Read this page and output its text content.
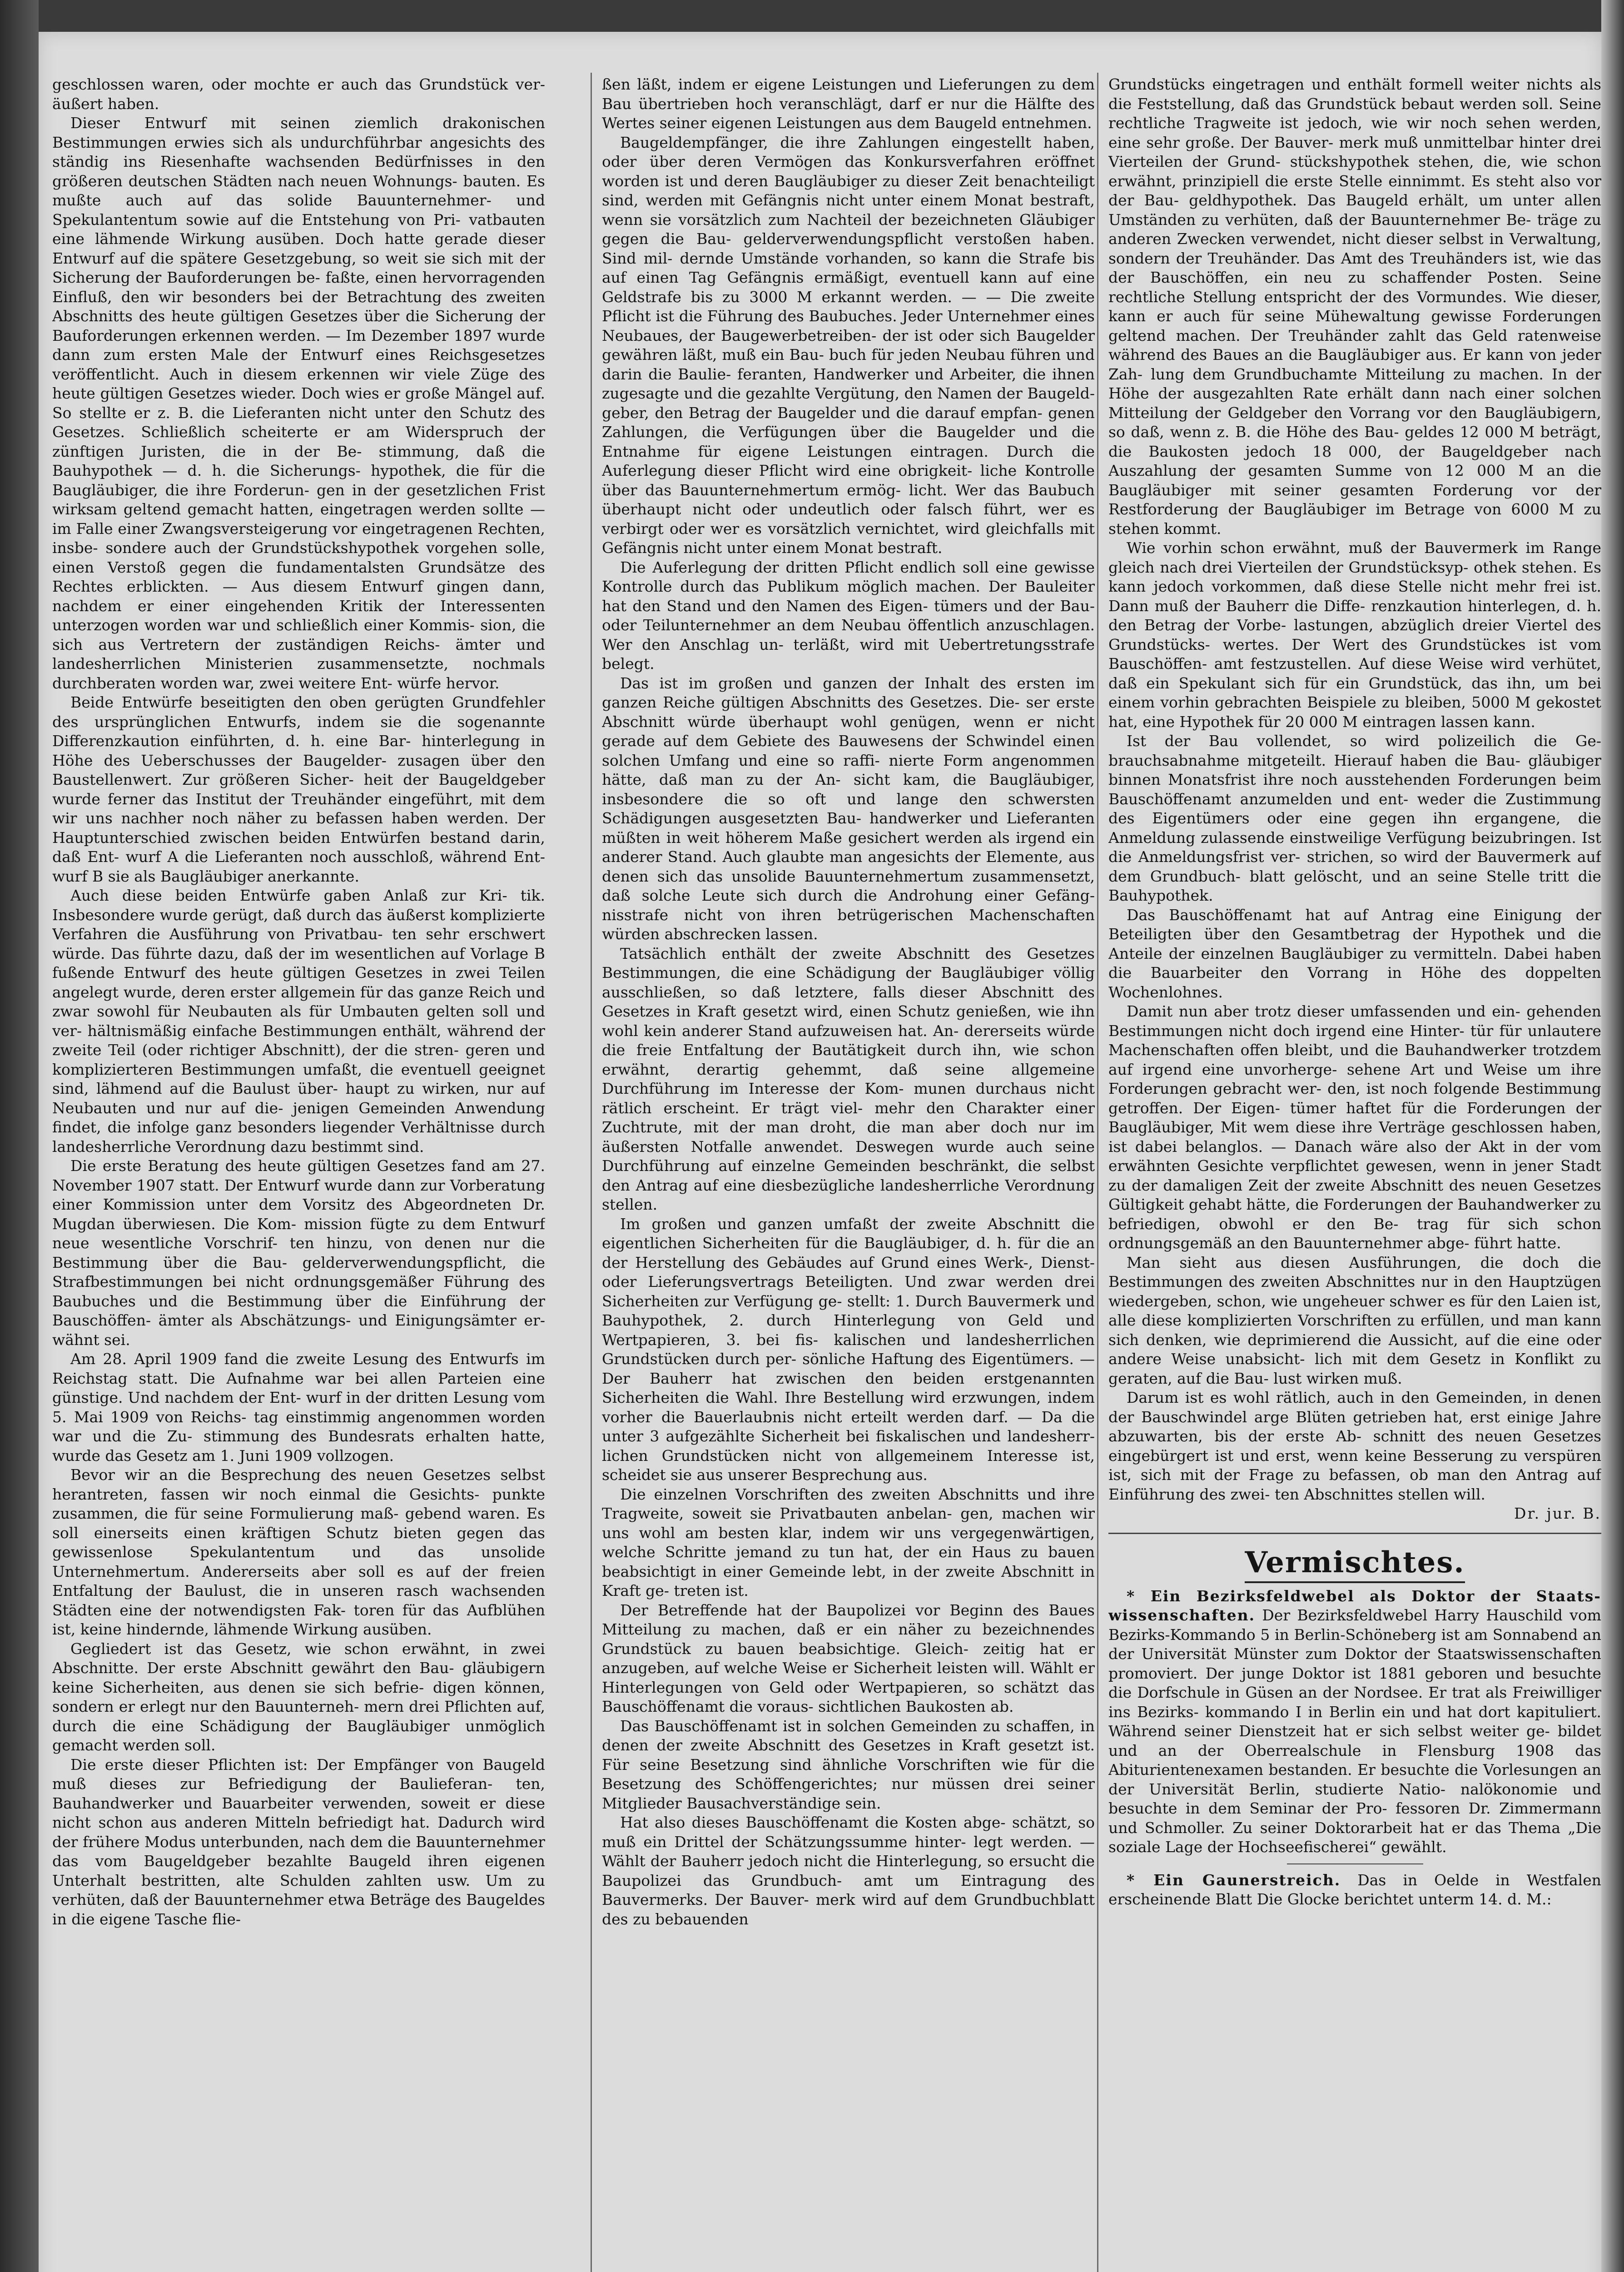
geschlossen waren, oder mochte er auch das Grundstück ver- äußert haben.

Dieser Entwurf mit seinen ziemlich drakonischen Bestimmungen erwies sich als undurchführbar angesichts des ständig ins Riesenhafte wachsenden Bedürfnisses in den größeren deutschen Städten nach neuen Wohnungs- bauten. Es mußte auch auf das solide Bauunternehmer- und Spekulantentum sowie auf die Entstehung von Pri- vatbauten eine lähmende Wirkung ausüben. Doch hatte gerade dieser Entwurf auf die spätere Gesetzgebung, so weit sie sich mit der Sicherung der Bauforderungen be- faßte, einen hervorragenden Einfluß, den wir besonders bei der Betrachtung des zweiten Abschnitts des heute gültigen Gesetzes über die Sicherung der Bauforderungen erkennen werden. — Im Dezember 1897 wurde dann zum ersten Male der Entwurf eines Reichsgesetzes veröffentlicht. Auch in diesem erkennen wir viele Züge des heute gültigen Gesetzes wieder. Doch wies er große Mängel auf. So stellte er z. B. die Lieferanten nicht unter den Schutz des Gesetzes. Schließlich scheiterte er am Widerspruch der zünftigen Juristen, die in der Be- stimmung, daß die Bauhypothek — d. h. die Sicherungs- hypothek, die für die Baugläubiger, die ihre Forderun- gen in der gesetzlichen Frist wirksam geltend gemacht hatten, eingetragen werden sollte — im Falle einer Zwangsversteigerung vor eingetragenen Rechten, insbe- sondere auch der Grundstückshypothek vorgehen solle, einen Verstoß gegen die fundamentalsten Grundsätze des Rechtes erblickten. — Aus diesem Entwurf gingen dann, nachdem er einer eingehenden Kritik der Interessenten unterzogen worden war und schließlich einer Kommis- sion, die sich aus Vertretern der zuständigen Reichs- ämter und landesherrlichen Ministerien zusammensetzte, nochmals durchberaten worden war, zwei weitere Ent- würfe hervor.

Beide Entwürfe beseitigten den oben gerügten Grundfehler des ursprünglichen Entwurfs, indem sie die sogenannte Differenzkaution einführten, d. h. eine Bar- hinterlegung in Höhe des Ueberschusses der Baugelder- zusagen über den Baustellenwert. Zur größeren Sicher- heit der Baugeldgeber wurde ferner das Institut der Treuhänder eingeführt, mit dem wir uns nachher noch näher zu befassen haben werden. Der Hauptunterschied zwischen beiden Entwürfen bestand darin, daß Ent- wurf A die Lieferanten noch ausschloß, während Ent- wurf B sie als Baugläubiger anerkannte.

Auch diese beiden Entwürfe gaben Anlaß zur Kri- tik. Insbesondere wurde gerügt, daß durch das äußerst komplizierte Verfahren die Ausführung von Privatbau- ten sehr erschwert würde. Das führte dazu, daß der im wesentlichen auf Vorlage B fußende Entwurf des heute gültigen Gesetzes in zwei Teilen angelegt wurde, deren erster allgemein für das ganze Reich und zwar sowohl für Neubauten als für Umbauten gelten soll und ver- hältnismäßig einfache Bestimmungen enthält, während der zweite Teil (oder richtiger Abschnitt), der die stren- geren und komplizierteren Bestimmungen umfaßt, die eventuell geeignet sind, lähmend auf die Baulust über- haupt zu wirken, nur auf Neubauten und nur auf die- jenigen Gemeinden Anwendung findet, die infolge ganz besonders liegender Verhältnisse durch landesherrliche Verordnung dazu bestimmt sind.

Die erste Beratung des heute gültigen Gesetzes fand am 27. November 1907 statt. Der Entwurf wurde dann zur Vorberatung einer Kommission unter dem Vorsitz des Abgeordneten Dr. Mugdan überwiesen. Die Kom- mission fügte zu dem Entwurf neue wesentliche Vorschrif- ten hinzu, von denen nur die Bestimmung über die Bau- gelderverwendungspflicht, die Strafbestimmungen bei nicht ordnungsgemäßer Führung des Baubuches und die Bestimmung über die Einführung der Bauschöffen- ämter als Abschätzungs- und Einigungsämter er- wähnt sei.

Am 28. April 1909 fand die zweite Lesung des Entwurfs im Reichstag statt. Die Aufnahme war bei allen Parteien eine günstige. Und nachdem der Ent- wurf in der dritten Lesung vom 5. Mai 1909 von Reichs- tag einstimmig angenommen worden war und die Zu- stimmung des Bundesrats erhalten hatte, wurde das Gesetz am 1. Juni 1909 vollzogen.

Bevor wir an die Besprechung des neuen Gesetzes selbst herantreten, fassen wir noch einmal die Gesichts- punkte zusammen, die für seine Formulierung maß- gebend waren. Es soll einerseits einen kräftigen Schutz bieten gegen das gewissenlose Spekulantentum und das unsolide Unternehmertum. Andererseits aber soll es auf der freien Entfaltung der Baulust, die in unseren rasch wachsenden Städten eine der notwendigsten Fak- toren für das Aufblühen ist, keine hindernde, lähmende Wirkung ausüben.

Gegliedert ist das Gesetz, wie schon erwähnt, in zwei Abschnitte. Der erste Abschnitt gewährt den Bau- gläubigern keine Sicherheiten, aus denen sie sich befrie- digen können, sondern er erlegt nur den Bauunterneh- mern drei Pflichten auf, durch die eine Schädigung der Baugläubiger unmöglich gemacht werden soll.

Die erste dieser Pflichten ist: Der Empfänger von Baugeld muß dieses zur Befriedigung der Baulieferan- ten, Bauhandwerker und Bauarbeiter verwenden, soweit er diese nicht schon aus anderen Mitteln befriedigt hat. Dadurch wird der frühere Modus unterbunden, nach dem die Bauunternehmer das vom Baugeldgeber bezahlte Baugeld ihren eigenen Unterhalt bestritten, alte Schulden zahlten usw. Um zu verhüten, daß der Bauunternehmer etwa Beträge des Baugeldes in die eigene Tasche flie-

ßen läßt, indem er eigene Leistungen und Lieferungen zu dem Bau übertrieben hoch veranschlägt, darf er nur die Hälfte des Wertes seiner eigenen Leistungen aus dem Baugeld entnehmen.

Baugeldempfänger, die ihre Zahlungen eingestellt haben, oder über deren Vermögen das Konkursverfahren eröffnet worden ist und deren Baugläubiger zu dieser Zeit benachteiligt sind, werden mit Gefängnis nicht unter einem Monat bestraft, wenn sie vorsätzlich zum Nachteil der bezeichneten Gläubiger gegen die Bau- gelderverwendungspflicht verstoßen haben. Sind mil- dernde Umstände vorhanden, so kann die Strafe bis auf einen Tag Gefängnis ermäßigt, eventuell kann auf eine Geldstrafe bis zu 3000 M erkannt werden. — — Die zweite Pflicht ist die Führung des Baubuches. Jeder Unternehmer eines Neubaues, der Baugewerbetreiben- der ist oder sich Baugelder gewähren läßt, muß ein Bau- buch für jeden Neubau führen und darin die Baulie- feranten, Handwerker und Arbeiter, die ihnen zugesagte und die gezahlte Vergütung, den Namen der Baugeld- geber, den Betrag der Baugelder und die darauf empfan- genen Zahlungen, die Verfügungen über die Baugelder und die Entnahme für eigene Leistungen eintragen. Durch die Auferlegung dieser Pflicht wird eine obrigkeit- liche Kontrolle über das Bauunternehmertum ermög- licht. Wer das Baubuch überhaupt nicht oder undeutlich oder falsch führt, wer es verbirgt oder wer es vorsätzlich vernichtet, wird gleichfalls mit Gefängnis nicht unter einem Monat bestraft.

Die Auferlegung der dritten Pflicht endlich soll eine gewisse Kontrolle durch das Publikum möglich machen. Der Bauleiter hat den Stand und den Namen des Eigen- tümers und der Bau- oder Teilunternehmer an dem Neubau öffentlich anzuschlagen. Wer den Anschlag un- terläßt, wird mit Uebertretungsstrafe belegt.

Das ist im großen und ganzen der Inhalt des ersten im ganzen Reiche gültigen Abschnitts des Gesetzes. Die- ser erste Abschnitt würde überhaupt wohl genügen, wenn er nicht gerade auf dem Gebiete des Bauwesens der Schwindel einen solchen Umfang und eine so raffi- nierte Form angenommen hätte, daß man zu der An- sicht kam, die Baugläubiger, insbesondere die so oft und lange den schwersten Schädigungen ausgesetzten Bau- handwerker und Lieferanten müßten in weit höherem Maße gesichert werden als irgend ein anderer Stand. Auch glaubte man angesichts der Elemente, aus denen sich das unsolide Bauunternehmertum zusammensetzt, daß solche Leute sich durch die Androhung einer Gefäng- nisstrafe nicht von ihren betrügerischen Machenschaften würden abschrecken lassen.

Tatsächlich enthält der zweite Abschnitt des Gesetzes Bestimmungen, die eine Schädigung der Baugläubiger völlig ausschließen, so daß letztere, falls dieser Abschnitt des Gesetzes in Kraft gesetzt wird, einen Schutz genießen, wie ihn wohl kein anderer Stand aufzuweisen hat. An- dererseits würde die freie Entfaltung der Bautätigkeit durch ihn, wie schon erwähnt, derartig gehemmt, daß seine allgemeine Durchführung im Interesse der Kom- munen durchaus nicht rätlich erscheint. Er trägt viel- mehr den Charakter einer Zuchtrute, mit der man droht, die man aber doch nur im äußersten Notfalle anwendet. Deswegen wurde auch seine Durchführung auf einzelne Gemeinden beschränkt, die selbst den Antrag auf eine diesbezügliche landesherrliche Verordnung stellen.

Im großen und ganzen umfaßt der zweite Abschnitt die eigentlichen Sicherheiten für die Baugläubiger, d. h. für die an der Herstellung des Gebäudes auf Grund eines Werk-, Dienst- oder Lieferungsvertrags Beteiligten. Und zwar werden drei Sicherheiten zur Verfügung ge- stellt: 1. Durch Bauvermerk und Bauhypothek, 2. durch Hinterlegung von Geld und Wertpapieren, 3. bei fis- kalischen und landesherrlichen Grundstücken durch per- sönliche Haftung des Eigentümers. — Der Bauherr hat zwischen den beiden erstgenannten Sicherheiten die Wahl. Ihre Bestellung wird erzwungen, indem vorher die Bauerlaubnis nicht erteilt werden darf. — Da die unter 3 aufgezählte Sicherheit bei fiskalischen und landesherr- lichen Grundstücken nicht von allgemeinem Interesse ist, scheidet sie aus unserer Besprechung aus.

Die einzelnen Vorschriften des zweiten Abschnitts und ihre Tragweite, soweit sie Privatbauten anbelan- gen, machen wir uns wohl am besten klar, indem wir uns vergegenwärtigen, welche Schritte jemand zu tun hat, der ein Haus zu bauen beabsichtigt in einer Gemeinde lebt, in der zweite Abschnitt in Kraft ge- treten ist.

Der Betreffende hat der Baupolizei vor Beginn des Baues Mitteilung zu machen, daß er ein näher zu bezeichnendes Grundstück zu bauen beabsichtige. Gleich- zeitig hat er anzugeben, auf welche Weise er Sicherheit leisten will. Wählt er Hinterlegungen von Geld oder Wertpapieren, so schätzt das Bauschöffenamt die voraus- sichtlichen Baukosten ab.

Das Bauschöffenamt ist in solchen Gemeinden zu schaffen, in denen der zweite Abschnitt des Gesetzes in Kraft gesetzt ist. Für seine Besetzung sind ähnliche Vorschriften wie für die Besetzung des Schöffengerichtes; nur müssen drei seiner Mitglieder Bausachverständige sein.

Hat also dieses Bauschöffenamt die Kosten abge- schätzt, so muß ein Drittel der Schätzungssumme hinter- legt werden. — Wählt der Bauherr jedoch nicht die Hinterlegung, so ersucht die Baupolizei das Grundbuch- amt um Eintragung des Bauvermerks. Der Bauver- merk wird auf dem Grundbuchblatt des zu bebauenden

Grundstücks eingetragen und enthält formell weiter nichts als die Feststellung, daß das Grundstück bebaut werden soll. Seine rechtliche Tragweite ist jedoch, wie wir noch sehen werden, eine sehr große. Der Bauver- merk muß unmittelbar hinter drei Vierteilen der Grund- stückshypothek stehen, die, wie schon erwähnt, prinzipiell die erste Stelle einnimmt. Es steht also vor der Bau- geldhypothek. Das Baugeld erhält, um unter allen Umständen zu verhüten, daß der Bauunternehmer Be- träge zu anderen Zwecken verwendet, nicht dieser selbst in Verwaltung, sondern der Treuhänder. Das Amt des Treuhänders ist, wie das der Bauschöffen, ein neu zu schaffender Posten. Seine rechtliche Stellung entspricht der des Vormundes. Wie dieser, kann er auch für seine Mühewaltung gewisse Forderungen geltend machen. Der Treuhänder zahlt das Geld ratenweise während des Baues an die Baugläubiger aus. Er kann von jeder Zah- lung dem Grundbuchamte Mitteilung zu machen. In der Höhe der ausgezahlten Rate erhält dann nach einer solchen Mitteilung der Geldgeber den Vorrang vor den Baugläubigern, so daß, wenn z. B. die Höhe des Bau- geldes 12 000 M beträgt, die Baukosten jedoch 18 000, der Baugeldgeber nach Auszahlung der gesamten Summe von 12 000 M an die Baugläubiger mit seiner gesamten Forderung vor der Restforderung der Baugläubiger im Betrage von 6000 M zu stehen kommt.

Wie vorhin schon erwähnt, muß der Bauvermerk im Range gleich nach drei Vierteilen der Grundstücksyp- othek stehen. Es kann jedoch vorkommen, daß diese Stelle nicht mehr frei ist. Dann muß der Bauherr die Diffe- renzkaution hinterlegen, d. h. den Betrag der Vorbe- lastungen, abzüglich dreier Viertel des Grundstücks- wertes. Der Wert des Grundstückes ist vom Bauschöffen- amt festzustellen. Auf diese Weise wird verhütet, daß ein Spekulant sich für ein Grundstück, das ihn, um bei einem vorhin gebrachten Beispiele zu bleiben, 5000 M gekostet hat, eine Hypothek für 20 000 M eintragen lassen kann.

Ist der Bau vollendet, so wird polizeilich die Ge- brauchsabnahme mitgeteilt. Hierauf haben die Bau- gläubiger binnen Monatsfrist ihre noch ausstehenden Forderungen beim Bauschöffenamt anzumelden und ent- weder die Zustimmung des Eigentümers oder eine gegen ihn ergangene, die Anmeldung zulassende einstweilige Verfügung beizubringen. Ist die Anmeldungsfrist ver- strichen, so wird der Bauvermerk auf dem Grundbuch- blatt gelöscht, und an seine Stelle tritt die Bauhypothek.

Das Bauschöffenamt hat auf Antrag eine Einigung der Beteiligten über den Gesamtbetrag der Hypothek und die Anteile der einzelnen Baugläubiger zu vermitteln. Dabei haben die Bauarbeiter den Vorrang in Höhe des doppelten Wochenlohnes.

Damit nun aber trotz dieser umfassenden und ein- gehenden Bestimmungen nicht doch irgend eine Hinter- tür für unlautere Machenschaften offen bleibt, und die Bauhandwerker trotzdem auf irgend eine unvorherge- sehene Art und Weise um ihre Forderungen gebracht wer- den, ist noch folgende Bestimmung getroffen. Der Eigen- tümer haftet für die Forderungen der Baugläubiger, Mit wem diese ihre Verträge geschlossen haben, ist dabei belanglos. — Danach wäre also der Akt in der vom erwähnten Gesichte verpflichtet gewesen, wenn in jener Stadt zu der damaligen Zeit der zweite Abschnitt des neuen Gesetzes Gültigkeit gehabt hätte, die Forderungen der Bauhandwerker zu befriedigen, obwohl er den Be- trag für sich schon ordnungsgemäß an den Bauunternehmer abge- führt hatte.

Man sieht aus diesen Ausführungen, die doch die Bestimmungen des zweiten Abschnittes nur in den Hauptzügen wiedergeben, schon, wie ungeheuer schwer es für den Laien ist, alle diese komplizierten Vorschriften zu erfüllen, und man kann sich denken, wie deprimierend die Aussicht, auf die eine oder andere Weise unabsicht- lich mit dem Gesetz in Konflikt zu geraten, auf die Bau- lust wirken muß.

Darum ist es wohl rätlich, auch in den Gemeinden, in denen der Bauschwindel arge Blüten getrieben hat, erst einige Jahre abzuwarten, bis der erste Ab- schnitt des neuen Gesetzes eingebürgert ist und erst, wenn keine Besserung zu verspüren ist, sich mit der Frage zu befassen, ob man den Antrag auf Einführung des zwei- ten Abschnittes stellen will.

Dr. jur. B.
Vermischtes.

* Ein Bezirksfeldwebel als Doktor der Staats- wissenschaften. Der Bezirksfeldwebel Harry Hauschild vom Bezirks-Kommando 5 in Berlin-Schöneberg ist am Sonnabend an der Universität Münster zum Doktor der Staatswissenschaften promoviert. Der junge Doktor ist 1881 geboren und besuchte die Dorfschule in Güsen an der Nordsee. Er trat als Freiwilliger ins Bezirks- kommando I in Berlin ein und hat dort kapituliert. Während seiner Dienstzeit hat er sich selbst weiter ge- bildet und an der Oberrealschule in Flensburg 1908 das Abiturientenexamen bestanden. Er besuchte die Vorlesungen an der Universität Berlin, studierte Natio- nalökonomie und besuchte in dem Seminar der Pro- fessoren Dr. Zimmermann und Schmoller. Zu seiner Doktorarbeit hat er das Thema „Die soziale Lage der Hochseefischerei“ gewählt.

* Ein Gaunerstreich. Das in Oelde in Westfalen erscheinende Blatt Die Glocke berichtet unterm 14. d. M.:
